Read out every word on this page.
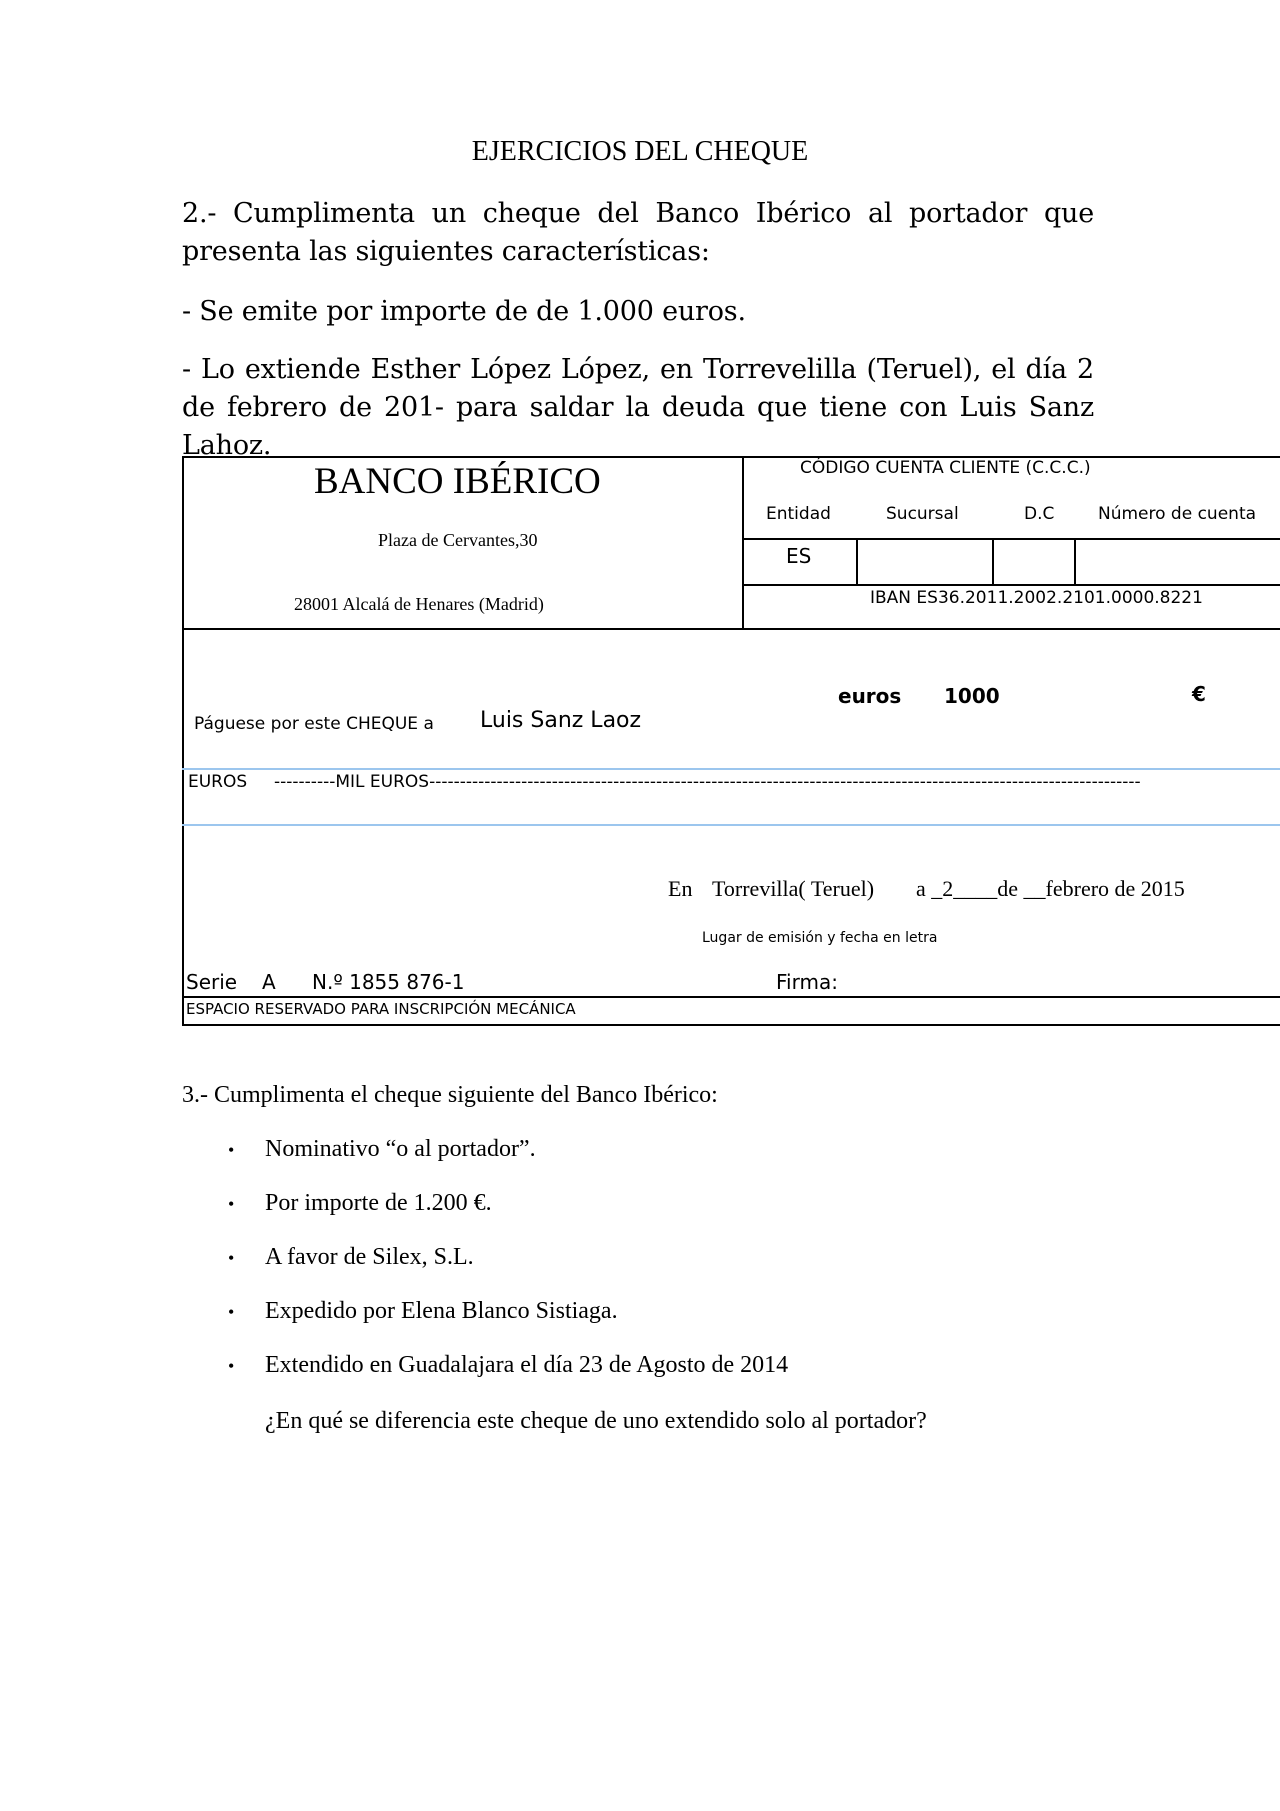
EJERCICIOS DEL CHEQUE
2.- Cumplimenta un cheque del Banco Ibérico al portador que presenta las siguientes características:
- Se emite por importe de de 1.000 euros.
- Lo extiende Esther López López, en Torrevelilla (Teruel), el día 2 de febrero de 201- para saldar la deuda que tiene con Luis Sanz Lahoz.
BANCO IBÉRICO
Plaza de Cervantes,30
28001 Alcalá de Henares (Madrid)
CÓDIGO CUENTA CLIENTE (C.C.C.)
Entidad	Sucursal	D.C	Número de cuenta
ES
IBAN ES36.2011.2002.2101.0000.8221
euros 1000	€
Páguese por este CHEQUE a Luis Sanz Laoz
EUROS ----------MIL EUROS--------------------------------------------------------------------------------------------------------------------
En Torrevilla( Teruel) a _2____de __febrero de 2015
Lugar de emisión y fecha en letra
Serie A N.º 1855 876-1	Firma:
ESPACIO RESERVADO PARA INSCRIPCIÓN MECÁNICA
3.- Cumplimenta el cheque siguiente del Banco Ibérico:
• Nominativo “o al portador”.
• Por importe de 1.200 €.
• A favor de Silex, S.L.
• Expedido por Elena Blanco Sistiaga.
• Extendido en Guadalajara el día 23 de Agosto de 2014
¿En qué se diferencia este cheque de uno extendido solo al portador?
